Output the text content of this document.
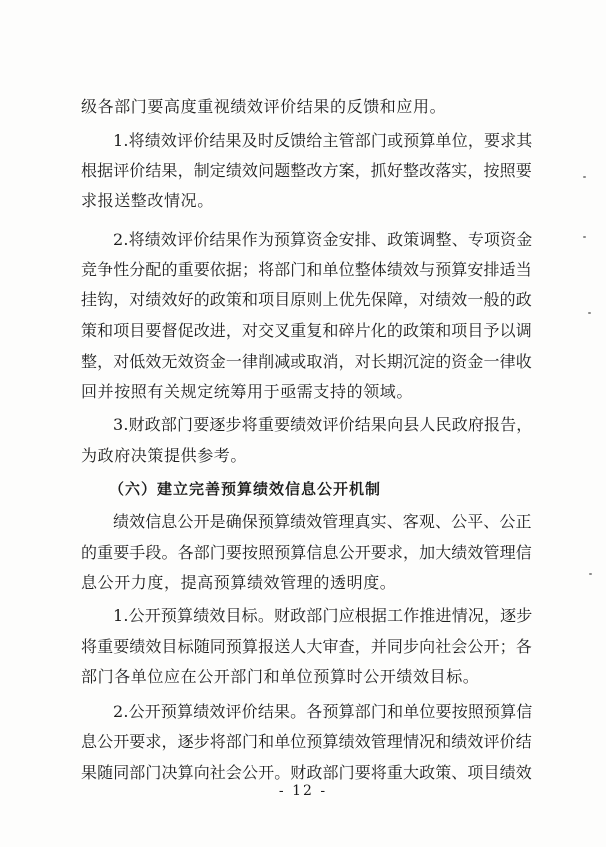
级各部门要高度重视绩效评价结果的反馈和应用。
1.将绩效评价结果及时反馈给主管部门或预算单位，要求其
根据评价结果，制定绩效问题整改方案，抓好整改落实，按照要
求报送整改情况。
2.将绩效评价结果作为预算资金安排、政策调整、专项资金
竞争性分配的重要依据；将部门和单位整体绩效与预算安排适当
挂钩，对绩效好的政策和项目原则上优先保障，对绩效一般的政
策和项目要督促改进，对交叉重复和碎片化的政策和项目予以调
整，对低效无效资金一律削减或取消，对长期沉淀的资金一律收
回并按照有关规定统筹用于亟需支持的领域。
3.财政部门要逐步将重要绩效评价结果向县人民政府报告，
为政府决策提供参考。
（六）建立完善预算绩效信息公开机制
绩效信息公开是确保预算绩效管理真实、客观、公平、公正
的重要手段。各部门要按照预算信息公开要求，加大绩效管理信
息公开力度，提高预算绩效管理的透明度。
1.公开预算绩效目标。财政部门应根据工作推进情况，逐步
将重要绩效目标随同预算报送人大审查，并同步向社会公开；各
部门各单位应在公开部门和单位预算时公开绩效目标。
2.公开预算绩效评价结果。各预算部门和单位要按照预算信
息公开要求，逐步将部门和单位预算绩效管理情况和绩效评价结
果随同部门决算向社会公开。财政部门要将重大政策、项目绩效
- 12 -
